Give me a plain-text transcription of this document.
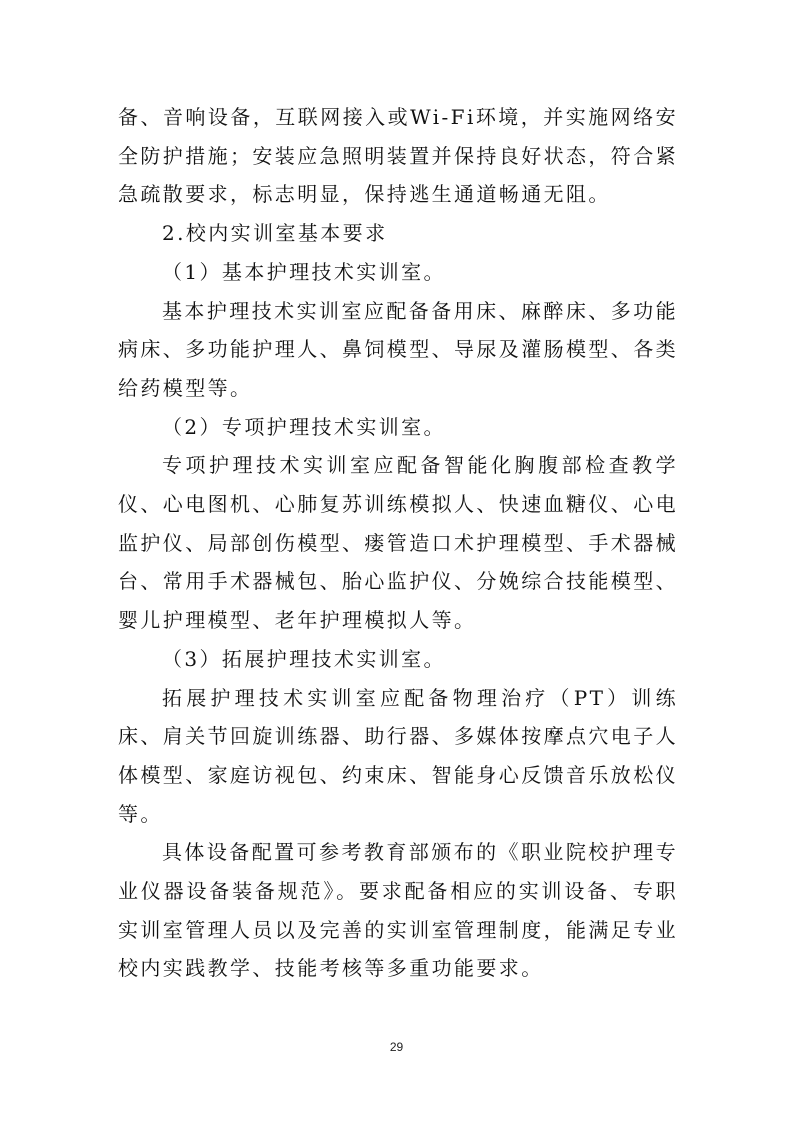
备、音响设备，互联网接入或Wi-Fi环境，并实施网络安全防护措施；安装应急照明装置并保持良好状态，符合紧急疏散要求，标志明显，保持逃生通道畅通无阻。

2.校内实训室基本要求

（1）基本护理技术实训室。

基本护理技术实训室应配备备用床、麻醉床、多功能病床、多功能护理人、鼻饲模型、导尿及灌肠模型、各类给药模型等。

（2）专项护理技术实训室。

专项护理技术实训室应配备智能化胸腹部检查教学仪、心电图机、心肺复苏训练模拟人、快速血糖仪、心电监护仪、局部创伤模型、瘘管造口术护理模型、手术器械台、常用手术器械包、胎心监护仪、分娩综合技能模型、婴儿护理模型、老年护理模拟人等。

（3）拓展护理技术实训室。

拓展护理技术实训室应配备物理治疗（PT）训练床、肩关节回旋训练器、助行器、多媒体按摩点穴电子人体模型、家庭访视包、约束床、智能身心反馈音乐放松仪等。

具体设备配置可参考教育部颁布的《职业院校护理专业仪器设备装备规范》。要求配备相应的实训设备、专职实训室管理人员以及完善的实训室管理制度，能满足专业校内实践教学、技能考核等多重功能要求。

29
